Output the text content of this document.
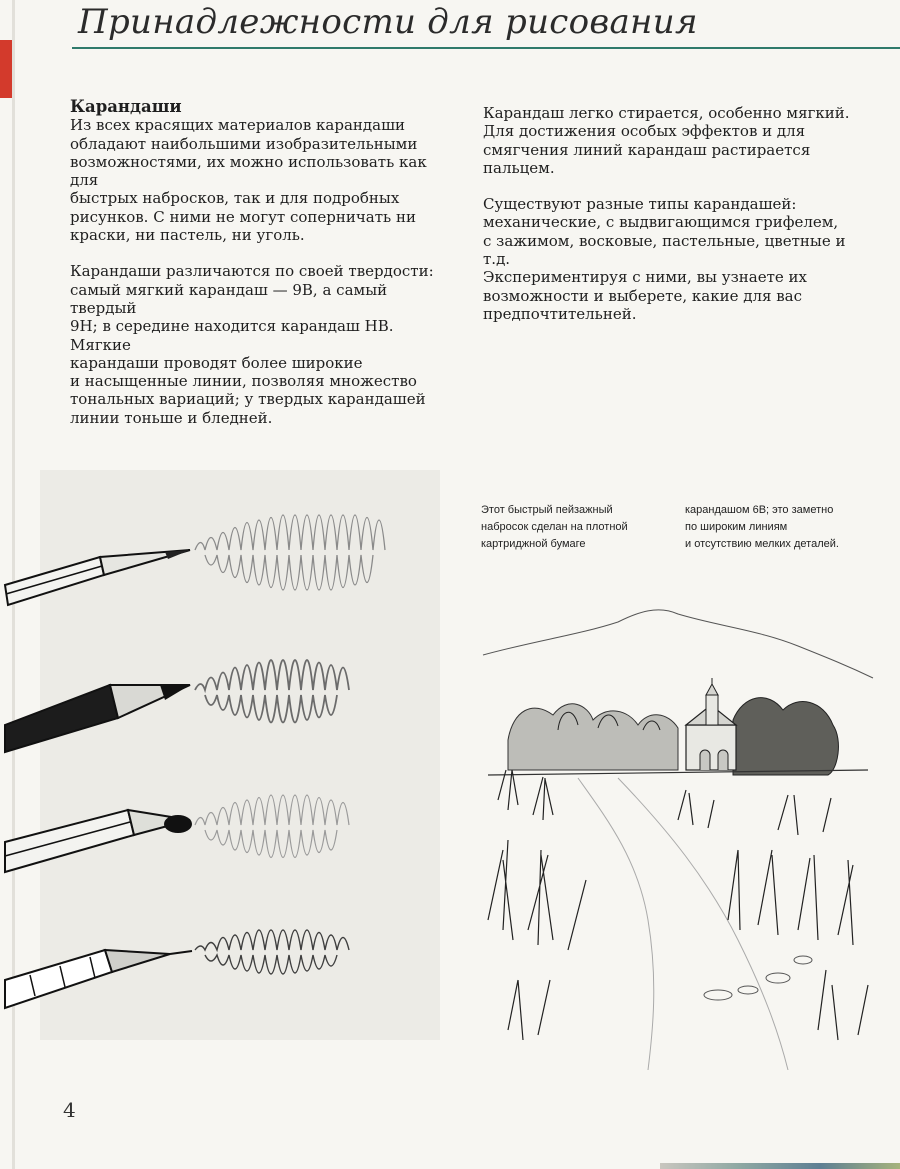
Принадлежности для рисования

Карандаши

Из всех красящих материалов карандаши

обладают наибольшими изобразительными

возможностями, их можно использовать как для

быстрых набросков, так и для подробных

рисунков. С ними не могут соперничать ни

краски, ни пастель, ни уголь.

Карандаши различаются по своей твердости:

самый мягкий карандаш — 9В, а самый твердый

9Н; в середине находится карандаш НВ. Мягкие

карандаши проводят более широкие

и насыщенные линии, позволяя множество

тональных вариаций; у твердых карандашей

линии тоньше и бледней.

Карандаш легко стирается, особенно мягкий.

Для достижения особых эффектов и для

смягчения линий карандаш растирается

пальцем.

Существуют разные типы карандашей:

механические, с выдвигающимся грифелем,

с зажимом, восковые, пастельные, цветные и т.д.

Экспериментируя с ними, вы узнаете их

возможности и выберете, какие для вас

предпочтительней.

Этот быстрый пейзажный
набросок сделан на плотной
картриджной бумаге
карандашом 6В; это заметно
по широким линиям
и отсутствию мелких деталей.
4
